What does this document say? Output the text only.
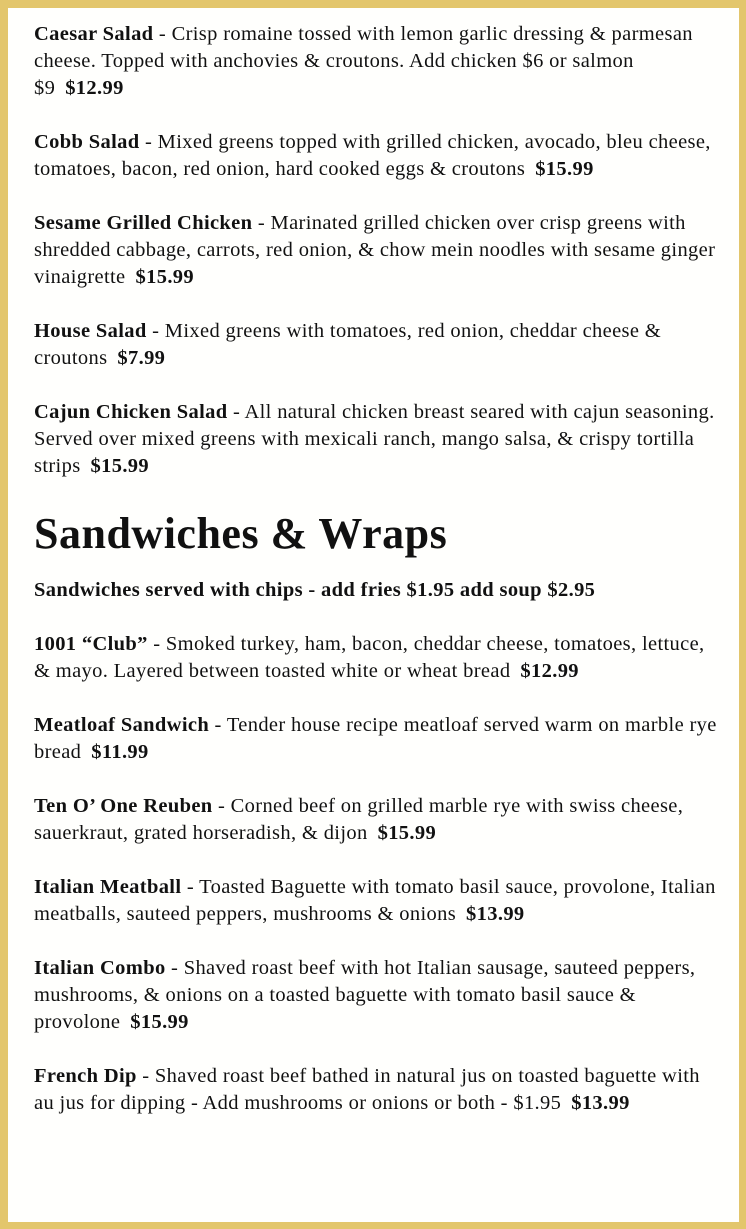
Caesar Salad - Crisp romaine tossed with lemon garlic dressing & parmesan cheese. Topped with anchovies & croutons. Add chicken $6 or salmon $9 $12.99
Cobb Salad - Mixed greens topped with grilled chicken, avocado, bleu cheese, tomatoes, bacon, red onion, hard cooked eggs & croutons $15.99
Sesame Grilled Chicken - Marinated grilled chicken over crisp greens with shredded cabbage, carrots, red onion, & chow mein noodles with sesame ginger vinaigrette $15.99
House Salad - Mixed greens with tomatoes, red onion, cheddar cheese & croutons $7.99
Cajun Chicken Salad - All natural chicken breast seared with cajun seasoning. Served over mixed greens with mexicali ranch, mango salsa, & crispy tortilla strips $15.99
Sandwiches & Wraps
Sandwiches served with chips - add fries $1.95 add soup $2.95
1001 “Club” - Smoked turkey, ham, bacon, cheddar cheese, tomatoes, lettuce, & mayo. Layered between toasted white or wheat bread $12.99
Meatloaf Sandwich - Tender house recipe meatloaf served warm on marble rye bread $11.99
Ten O’ One Reuben - Corned beef on grilled marble rye with swiss cheese, sauerkraut, grated horseradish, & dijon $15.99
Italian Meatball - Toasted Baguette with tomato basil sauce, provolone, Italian meatballs, sauteed peppers, mushrooms & onions $13.99
Italian Combo - Shaved roast beef with hot Italian sausage, sauteed peppers, mushrooms, & onions on a toasted baguette with tomato basil sauce & provolone $15.99
French Dip - Shaved roast beef bathed in natural jus on toasted baguette with au jus for dipping - Add mushrooms or onions or both - $1.95 $13.99
